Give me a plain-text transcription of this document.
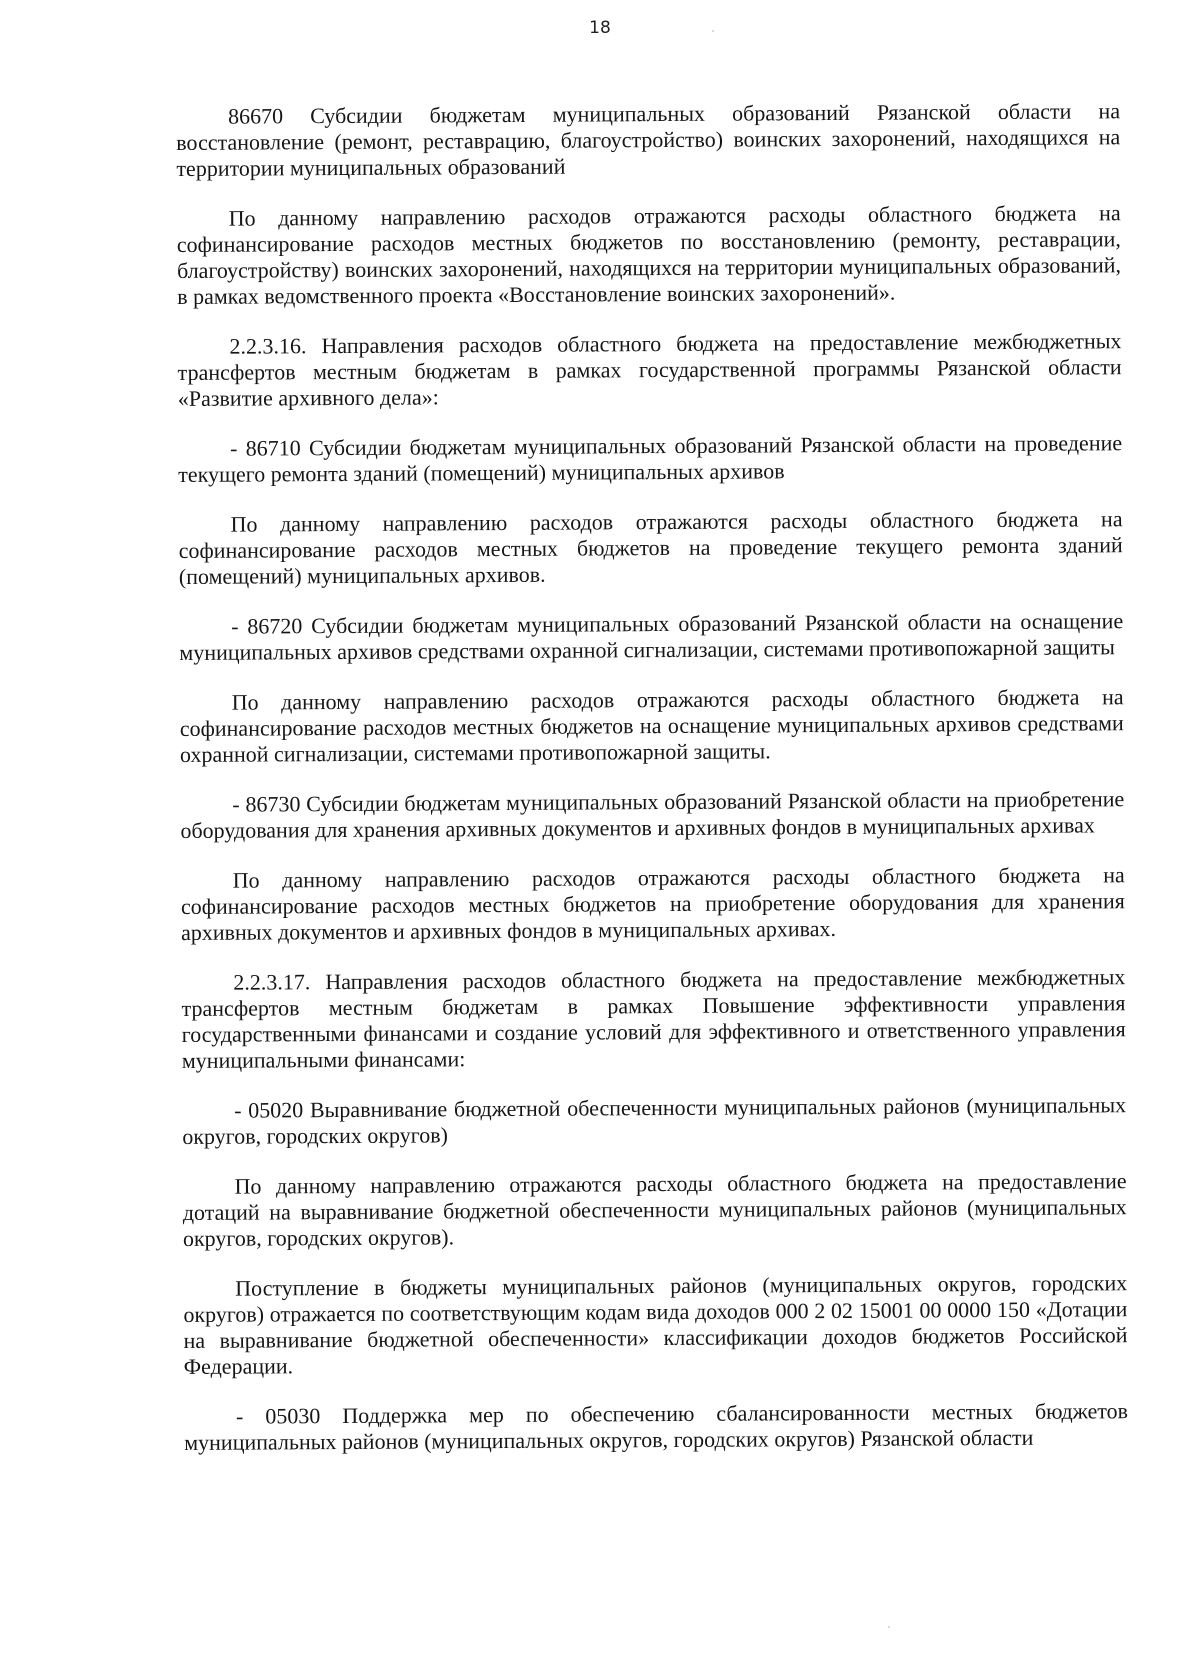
18

86670 Субсидии бюджетам муниципальных образований Рязанской области на восстановление (ремонт, реставрацию, благоустройство) воинских захоронений, находящихся на территории муниципальных образований

По данному направлению расходов отражаются расходы областного бюджета на софинансирование расходов местных бюджетов по восстановлению (ремонту, реставрации, благоустройству) воинских захоронений, находящихся на территории муниципальных образований, в рамках ведомственного проекта «Восстановление воинских захоронений».

2.2.3.16. Направления расходов областного бюджета на предоставление межбюджетных трансфертов местным бюджетам в рамках государственной программы Рязанской области «Развитие архивного дела»:

- 86710 Субсидии бюджетам муниципальных образований Рязанской области на проведение текущего ремонта зданий (помещений) муниципальных архивов

По данному направлению расходов отражаются расходы областного бюджета на софинансирование расходов местных бюджетов на проведение текущего ремонта зданий (помещений) муниципальных архивов.

- 86720 Субсидии бюджетам муниципальных образований Рязанской области на оснащение муниципальных архивов средствами охранной сигнализации, системами противопожарной защиты

По данному направлению расходов отражаются расходы областного бюджета на софинансирование расходов местных бюджетов на оснащение муниципальных архивов средствами охранной сигнализации, системами противопожарной защиты.

- 86730 Субсидии бюджетам муниципальных образований Рязанской области на приобретение оборудования для хранения архивных документов и архивных фондов в муниципальных архивах

По данному направлению расходов отражаются расходы областного бюджета на софинансирование расходов местных бюджетов на приобретение оборудования для хранения архивных документов и архивных фондов в муниципальных архивах.

2.2.3.17. Направления расходов областного бюджета на предоставление межбюджетных трансфертов местным бюджетам в рамках Повышение эффективности управления государственными финансами и создание условий для эффективного и ответственного управления муниципальными финансами:

- 05020 Выравнивание бюджетной обеспеченности муниципальных районов (муниципальных округов, городских округов)

По данному направлению отражаются расходы областного бюджета на предоставление дотаций на выравнивание бюджетной обеспеченности муниципальных районов (муниципальных округов, городских округов).

Поступление в бюджеты муниципальных районов (муниципальных округов, городских округов) отражается по соответствующим кодам вида доходов 000 2 02 15001 00 0000 150 «Дотации на выравнивание бюджетной обеспеченности» классификации доходов бюджетов Российской Федерации.

- 05030 Поддержка мер по обеспечению сбалансированности местных бюджетов муниципальных районов (муниципальных округов, городских округов) Рязанской области
